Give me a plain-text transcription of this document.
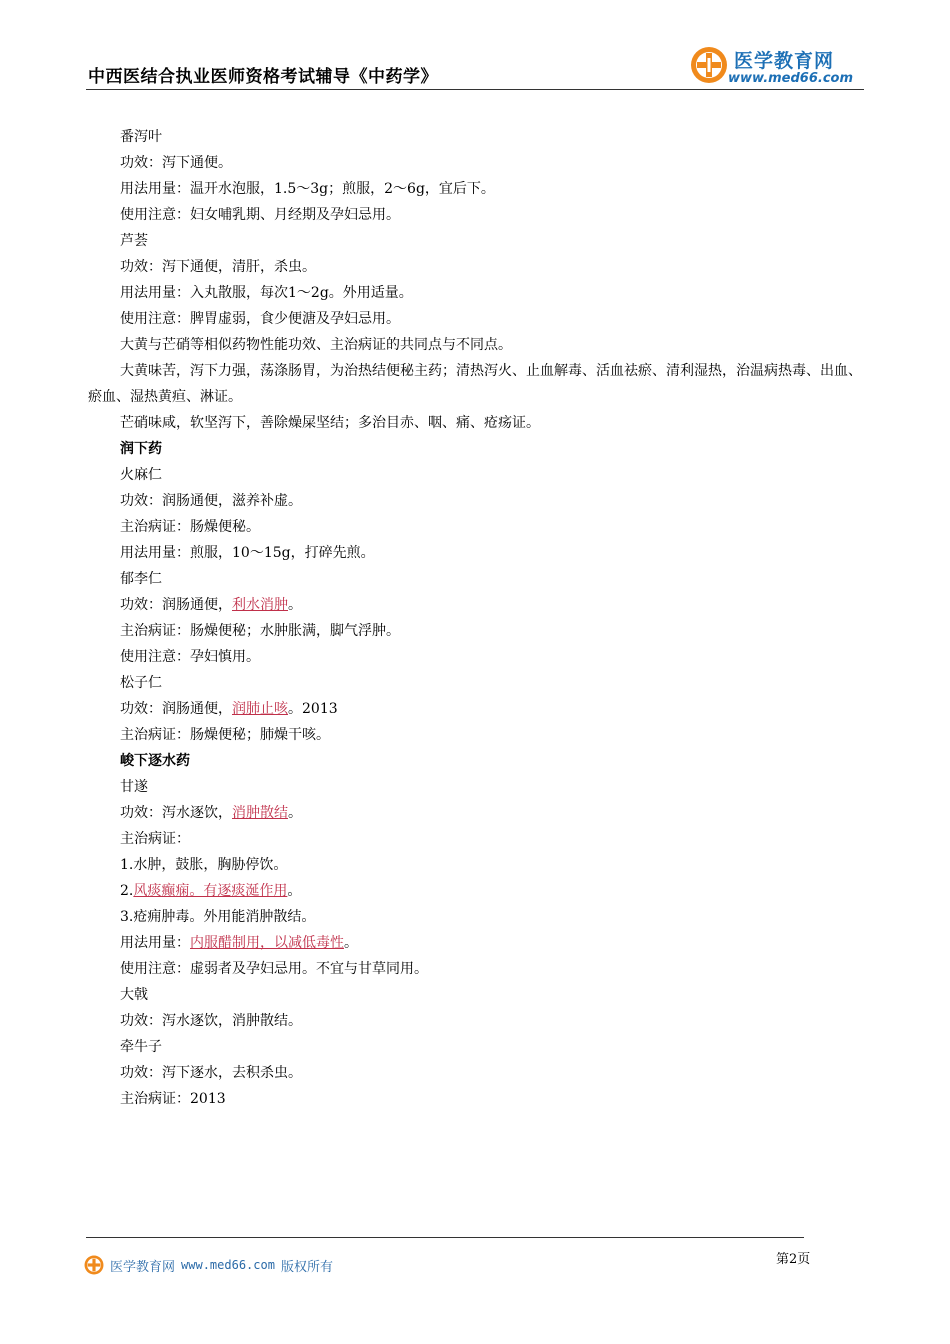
中西医结合执业医师资格考试辅导《中药学》
医学教育网
www.med66.com
番泻叶
功效：泻下通便。
用法用量：温开水泡服，1.5～3g；煎服，2～6g，宜后下。
使用注意：妇女哺乳期、月经期及孕妇忌用。
芦荟
功效：泻下通便，清肝，杀虫。
用法用量：入丸散服，每次1～2g。外用适量。
使用注意：脾胃虚弱，食少便溏及孕妇忌用。
大黄与芒硝等相似药物性能功效、主治病证的共同点与不同点。
大黄味苦，泻下力强，荡涤肠胃，为治热结便秘主药；清热泻火、止血解毒、活血祛瘀、清利湿热，治温病热毒、出血、瘀血、湿热黄疸、淋证。
芒硝味咸，软坚泻下，善除燥屎坚结；多治目赤、咽、痛、疮疡证。
润下药
火麻仁
功效：润肠通便，滋养补虚。
主治病证：肠燥便秘。
用法用量：煎服，10～15g，打碎先煎。
郁李仁
功效：润肠通便，利水消肿。
主治病证：肠燥便秘；水肿胀满，脚气浮肿。
使用注意：孕妇慎用。
松子仁
功效：润肠通便，润肺止咳。2013
主治病证：肠燥便秘；肺燥干咳。
峻下逐水药
甘遂
功效：泻水逐饮，消肿散结。
主治病证：
1.水肿，鼓胀，胸胁停饮。
2.风痰癫痫。有逐痰涎作用。
3.疮痈肿毒。外用能消肿散结。
用法用量：内服醋制用，以减低毒性。
使用注意：虚弱者及孕妇忌用。不宜与甘草同用。
大戟
功效：泻水逐饮，消肿散结。
牵牛子
功效：泻下逐水，去积杀虫。
主治病证：2013
医学教育网 www.med66.com 版权所有	第2页
